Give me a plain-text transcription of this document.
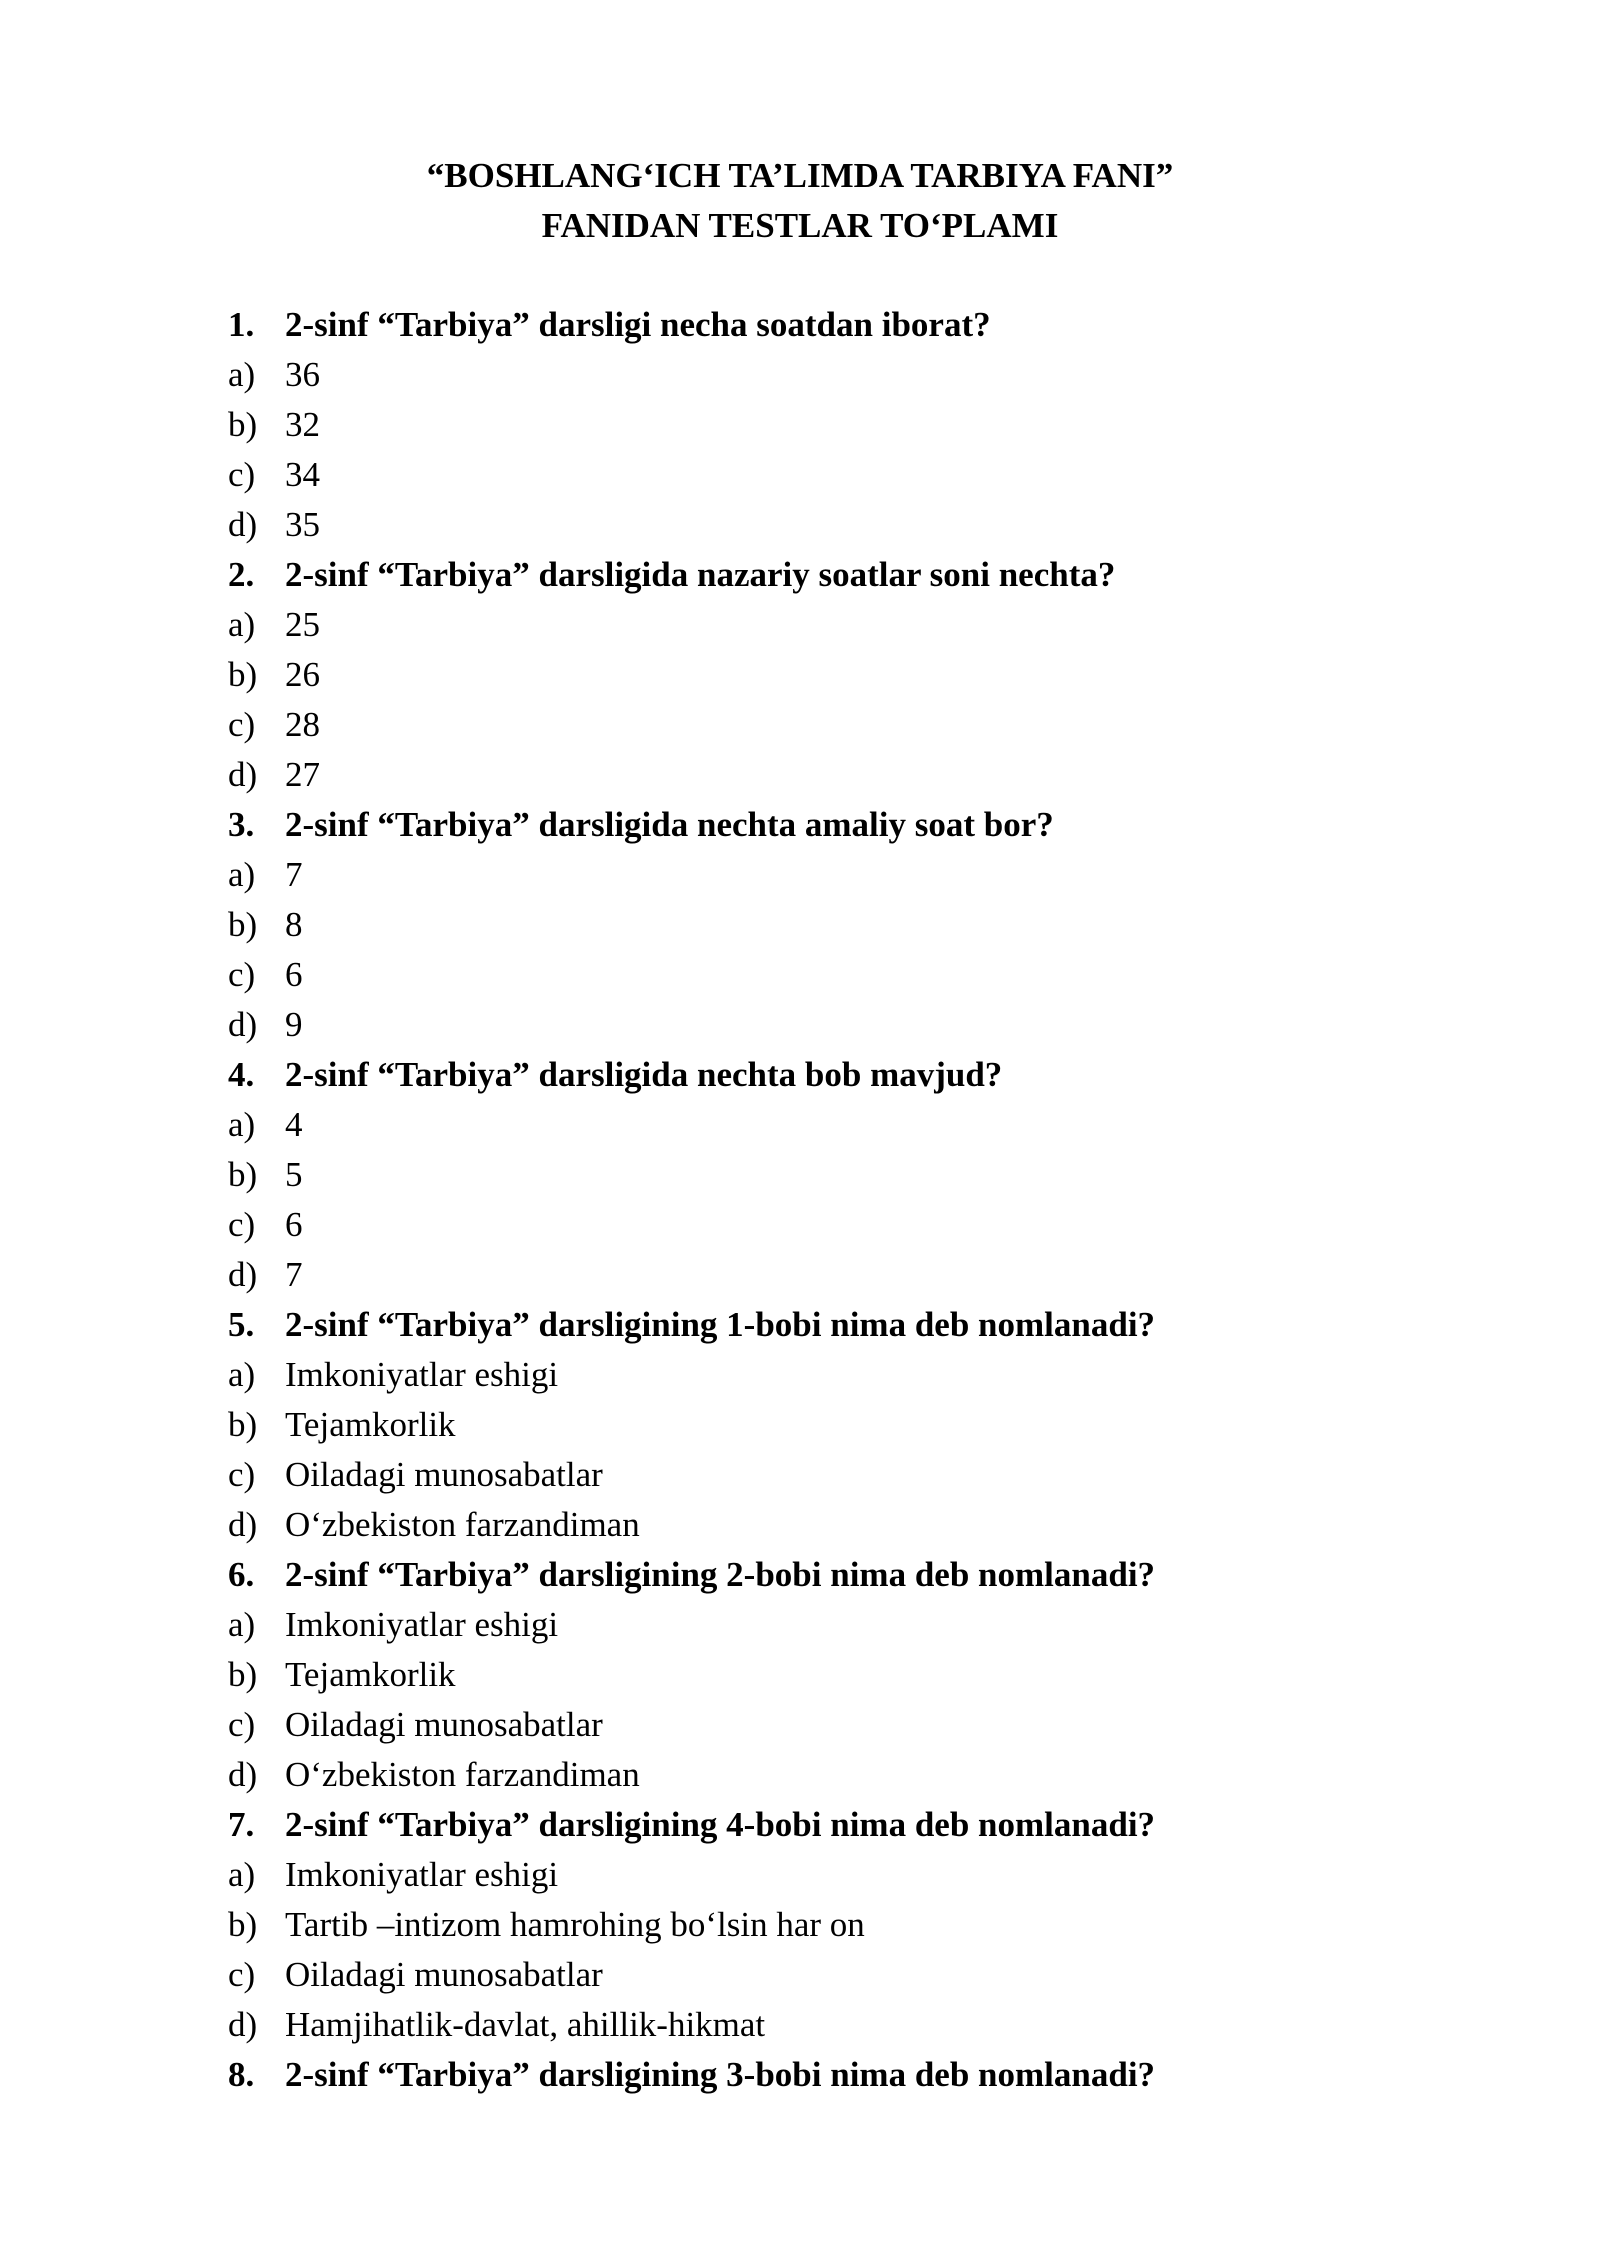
“BOSHLANG‘ICH TA’LIMDA TARBIYA FANI”
FANIDAN TESTLAR TO‘PLAMI
1. 2-sinf “Tarbiya” darsligi necha soatdan iborat?
a) 36
b) 32
c) 34
d) 35
2. 2-sinf “Tarbiya” darsligida nazariy soatlar soni nechta?
a) 25
b) 26
c) 28
d) 27
3. 2-sinf “Tarbiya” darsligida nechta amaliy soat bor?
a) 7
b) 8
c) 6
d) 9
4. 2-sinf “Tarbiya” darsligida nechta bob mavjud?
a) 4
b) 5
c) 6
d) 7
5. 2-sinf “Tarbiya” darsligining 1-bobi nima deb nomlanadi?
a) Imkoniyatlar eshigi
b) Tejamkorlik
c) Oiladagi munosabatlar
d) O‘zbekiston farzandiman
6. 2-sinf “Tarbiya” darsligining 2-bobi nima deb nomlanadi?
a) Imkoniyatlar eshigi
b) Tejamkorlik
c) Oiladagi munosabatlar
d) O‘zbekiston farzandiman
7. 2-sinf “Tarbiya” darsligining 4-bobi nima deb nomlanadi?
a) Imkoniyatlar eshigi
b) Tartib –intizom hamrohing bo‘lsin har on
c) Oiladagi munosabatlar
d) Hamjihatlik-davlat, ahillik-hikmat
8. 2-sinf “Tarbiya” darsligining 3-bobi nima deb nomlanadi?
